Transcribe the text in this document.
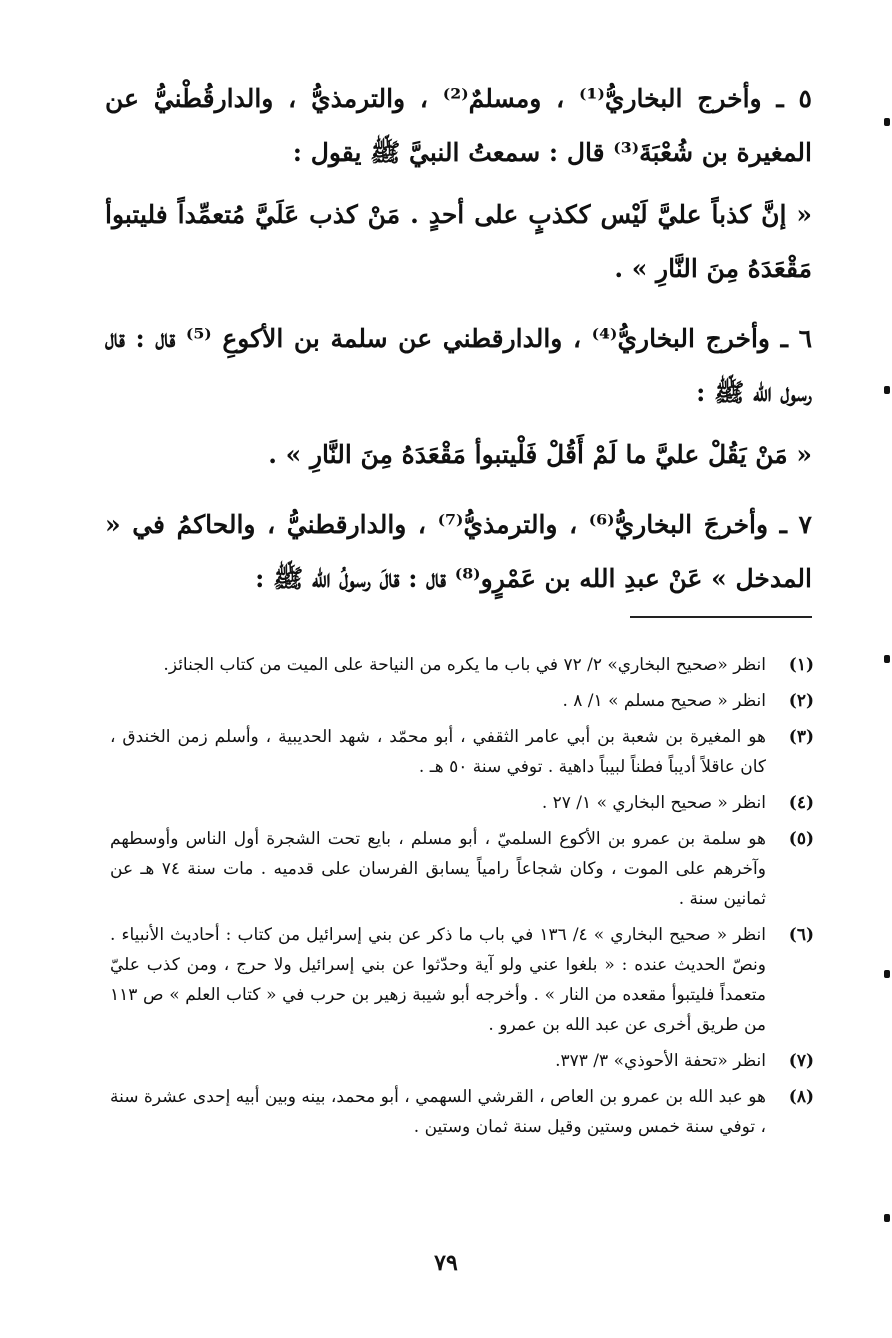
٥ ـ وأخرج البخاريُّ⁽¹⁾ ، ومسلمٌ⁽²⁾ ، والترمذيُّ ، والدارقُطْنيُّ عن المغيرة بن شُعْبَةَ⁽³⁾ قال : سمعتُ النبيَّ ﷺ يقول :

« إنَّ كذباً عليَّ لَيْس ككذبٍ على أحدٍ . مَنْ كذب عَلَيَّ مُتعمِّداً فليتبوأ مَقْعَدَهُ مِنَ النَّارِ » .

٦ ـ وأخرج البخاريُّ⁽⁴⁾ ، والدارقطني عن سلمة بن الأكوعِ ⁽⁵⁾ قال : قال رسول الله ﷺ :

« مَنْ يَقُلْ عليَّ ما لَمْ أَقُلْ فَلْيتبوأ مَقْعَدَهُ مِنَ النَّارِ » .

٧ ـ وأخرجَ البخاريُّ⁽⁶⁾ ، والترمذيُّ⁽⁷⁾ ، والدارقطنيُّ ، والحاكمُ في « المدخل » عَنْ عبدِ الله بن عَمْرٍو⁽⁸⁾ قال : قالَ رسولُ الله ﷺ :

(١)
انظر «صحيح البخاري» ٢/ ٧٢ في باب ما يكره من النياحة على الميت من كتاب الجنائز.
(٢)
انظر « صحيح مسلم » ١/ ٨ .
(٣)
هو المغيرة بن شعبة بن أبي عامر الثقفي ، أبو محمّد ، شهد الحديبية ، وأسلم زمن الخندق ، كان عاقلاً أديباً فطناً لبيباً داهية . توفي سنة ٥٠ هـ .
(٤)
انظر « صحيح البخاري » ١/ ٢٧ .
(٥)
هو سلمة بن عمرو بن الأكوع السلميّ ، أبو مسلم ، بايع تحت الشجرة أول الناس وأوسطهم وآخرهم على الموت ، وكان شجاعاً رامياً يسابق الفرسان على قدميه . مات سنة ٧٤ هـ عن ثمانين سنة .
(٦)
انظر « صحيح البخاري » ٤/ ١٣٦ في باب ما ذكر عن بني إسرائيل من كتاب : أحاديث الأنبياء . ونصّ الحديث عنده : « بلغوا عني ولو آية وحدّثوا عن بني إسرائيل ولا حرج ، ومن كذب عليّ متعمداً فليتبوأ مقعده من النار » . وأخرجه أبو شيبة زهير بن حرب في « كتاب العلم » ص ١١٣ من طريق أخرى عن عبد الله بن عمرو .
(٧)
انظر «تحفة الأحوذي» ٣/ ٣٧٣.
(٨)
هو عبد الله بن عمرو بن العاص ، القرشي السهمي ، أبو محمد، بينه وبين أبيه إحدى عشرة سنة ، توفي سنة خمس وستين وقيل سنة ثمان وستين .
٧٩
